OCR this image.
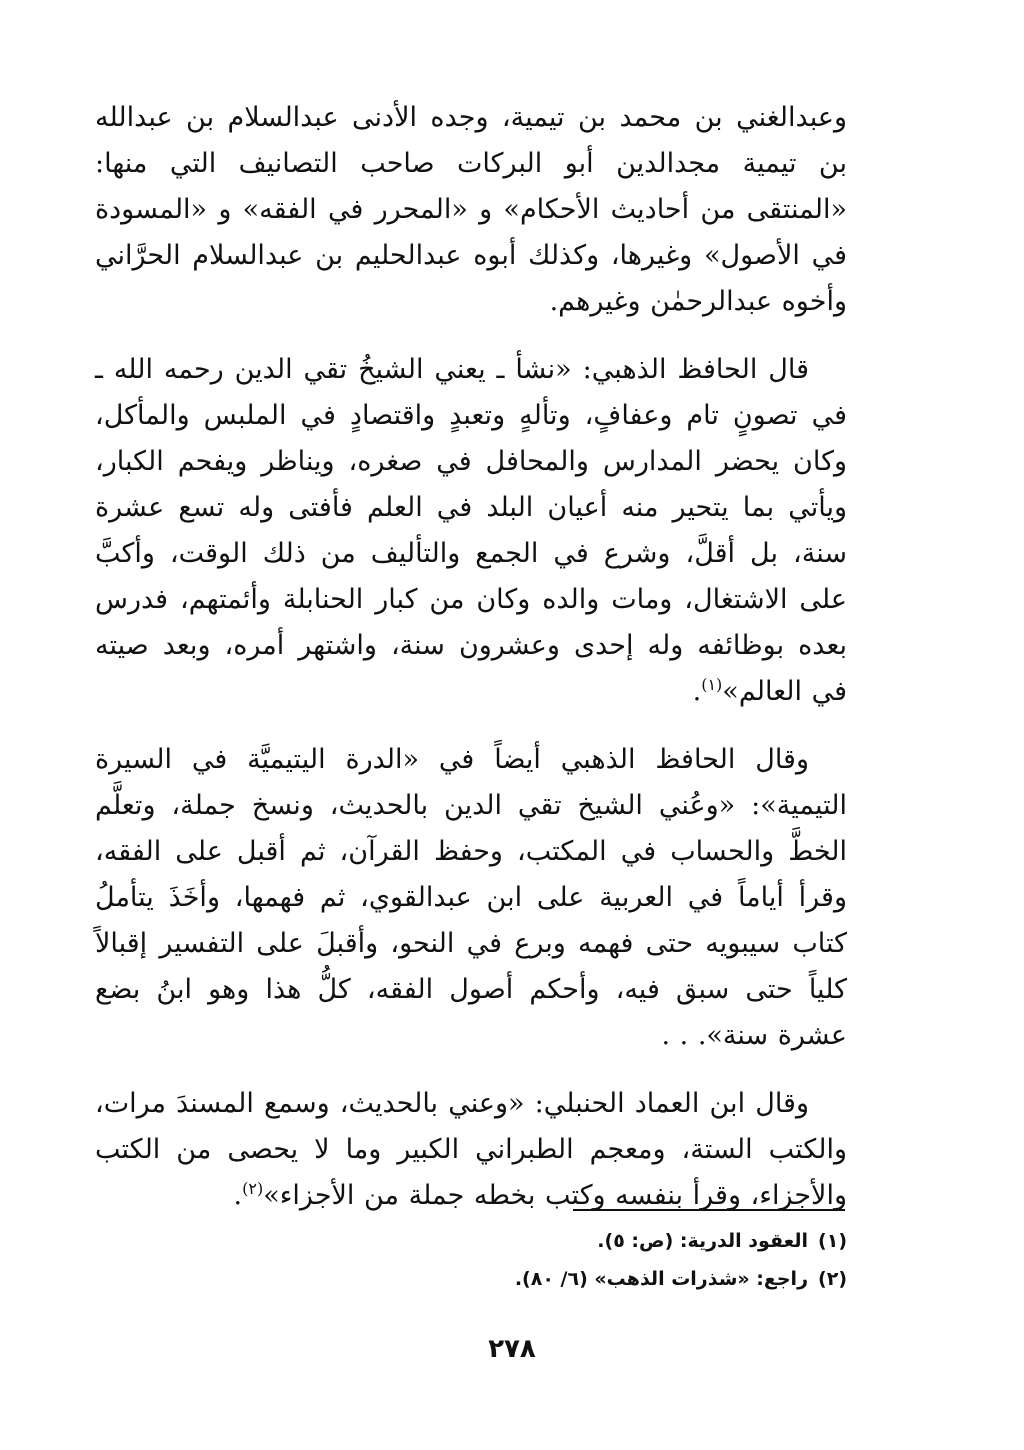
وعبدالغني بن محمد بن تيمية، وجده الأدنى عبدالسلام بن عبدالله بن تيمية مجدالدين أبو البركات صاحب التصانيف التي منها: «المنتقى من أحاديث الأحكام» و «المحرر في الفقه» و «المسودة في الأصول» وغيرها، وكذلك أبوه عبدالحليم بن عبدالسلام الحرَّاني وأخوه عبدالرحمٰن وغيرهم.

قال الحافظ الذهبي: «نشأ ـ يعني الشيخُ تقي الدين رحمه الله ـ في تصونٍ تام وعفافٍ، وتألهٍ وتعبدٍ واقتصادٍ في الملبس والمأكل، وكان يحضر المدارس والمحافل في صغره، ويناظر ويفحم الكبار، ويأتي بما يتحير منه أعيان البلد في العلم فأفتى وله تسع عشرة سنة، بل أقلَّ، وشرع في الجمع والتأليف من ذلك الوقت، وأكبَّ على الاشتغال، ومات والده وكان من كبار الحنابلة وأئمتهم، فدرس بعده بوظائفه وله إحدى وعشرون سنة، واشتهر أمره، وبعد صيته في العالم»$^{(١)}$.

وقال الحافظ الذهبي أيضاً في «الدرة اليتيميَّة في السيرة التيمية»: «وعُني الشيخ تقي الدين بالحديث، ونسخ جملة، وتعلَّم الخطَّ والحساب في المكتب، وحفظ القرآن، ثم أقبل على الفقه، وقرأ أياماً في العربية على ابن عبدالقوي، ثم فهمها، وأخَذَ يتأملُ كتاب سيبويه حتى فهمه وبرع في النحو، وأقبلَ على التفسير إقبالاً كلياً حتى سبق فيه، وأحكم أصول الفقه، كلُّ هذا وهو ابنُ بضع عشرة سنة». . .

وقال ابن العماد الحنبلي: «وعني بالحديث، وسمع المسندَ مرات، والكتب الستة، ومعجم الطبراني الكبير وما لا يحصى من الكتب والأجزاء، وقرأ بنفسه وكتب بخطه جملة من الأجزاء»$^{(٢)}$.

(١)العقود الدرية: (ص: ٥).

(٢)راجع: «شذرات الذهب» (٦/ ٨٠).

٢٧٨
